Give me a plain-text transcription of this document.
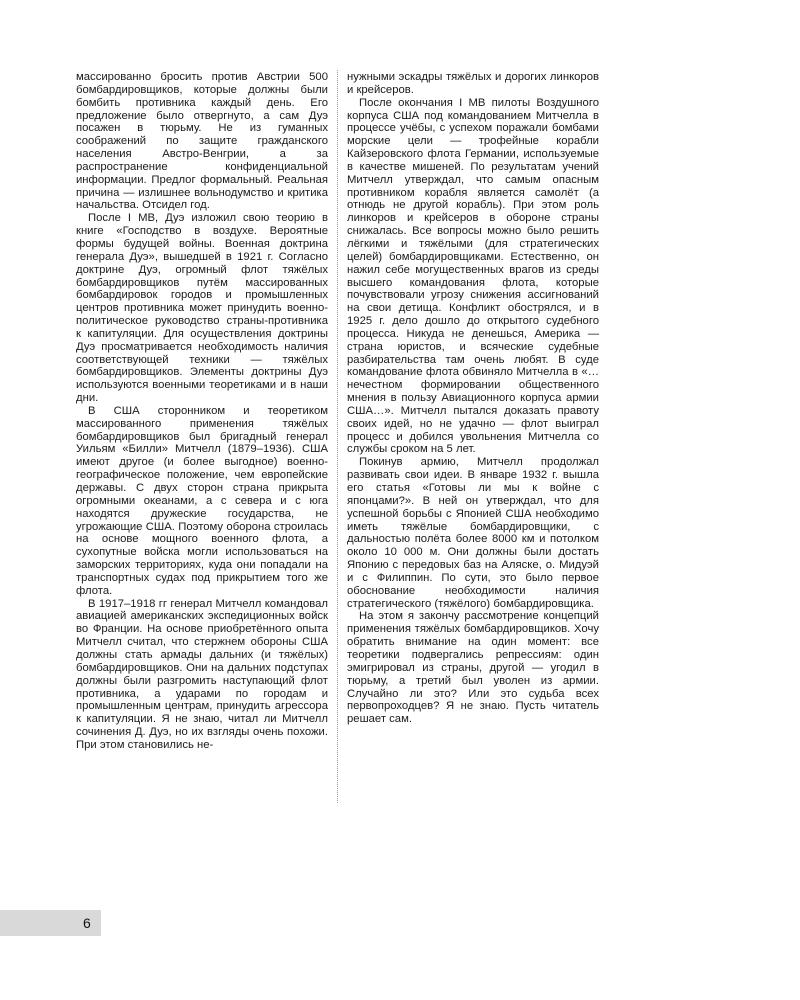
массированно бросить против Австрии 500 бомбардировщиков, которые должны были бомбить противника каждый день. Его предложение было отвергнуто, а сам Дуэ посажен в тюрьму. Не из гуманных соображений по защите гражданского населения Австро-Венгрии, а за распространение конфиденциальной информации. Предлог формальный. Реальная причина — излишнее вольнодумство и критика начальства. Отсидел год.

После I МВ, Дуэ изложил свою теорию в книге «Господство в воздухе. Вероятные формы будущей войны. Военная доктрина генерала Дуэ», вышедшей в 1921 г. Согласно доктрине Дуэ, огромный флот тяжёлых бомбардировщиков путём массированных бомбардировок городов и промышленных центров противника может принудить военно-политическое руководство страны-противника к капитуляции. Для осуществления доктрины Дуэ просматривается необходимость наличия соответствующей техники — тяжёлых бомбардировщиков. Элементы доктрины Дуэ используются военными теоретиками и в наши дни.

В США сторонником и теоретиком массированного применения тяжёлых бомбардировщиков был бригадный генерал Уильям «Билли» Митчелл (1879–1936). США имеют другое (и более выгодное) военно-географическое положение, чем европейские державы. С двух сторон страна прикрыта огромными океанами, а с севера и с юга находятся дружеские государства, не угрожающие США. Поэтому оборона строилась на основе мощного военного флота, а сухопутные войска могли использоваться на заморских территориях, куда они попадали на транспортных судах под прикрытием того же флота.

В 1917–1918 гг генерал Митчелл командовал авиацией американских экспедиционных войск во Франции. На основе приобретённого опыта Митчелл считал, что стержнем обороны США должны стать армады дальних (и тяжёлых) бомбардировщиков. Они на дальних подступах должны были разгромить наступающий флот противника, а ударами по городам и промышленным центрам, принудить агрессора к капитуляции. Я не знаю, читал ли Митчелл сочинения Д. Дуэ, но их взгляды очень похожи. При этом становились не-

нужными эскадры тяжёлых и дорогих линкоров и крейсеров.

После окончания I МВ пилоты Воздушного корпуса США под командованием Митчелла в процессе учёбы, с успехом поражали бомбами морские цели — трофейные корабли Кайзеровского флота Германии, используемые в качестве мишеней. По результатам учений Митчелл утверждал, что самым опасным противником корабля является самолёт (а отнюдь не другой корабль). При этом роль линкоров и крейсеров в обороне страны снижалась. Все вопросы можно было решить лёгкими и тяжёлыми (для стратегических целей) бомбардировщиками. Естественно, он нажил себе могущественных врагов из среды высшего командования флота, которые почувствовали угрозу снижения ассигнований на свои детища. Конфликт обострялся, и в 1925 г. дело дошло до открытого судебного процесса. Никуда не денешься, Америка — страна юристов, и всяческие судебные разбирательства там очень любят. В суде командование флота обвиняло Митчелла в «…нечестном формировании общественного мнения в пользу Авиационного корпуса армии США…». Митчелл пытался доказать правоту своих идей, но не удачно — флот выиграл процесс и добился увольнения Митчелла со службы сроком на 5 лет.

Покинув армию, Митчелл продолжал развивать свои идеи. В январе 1932 г. вышла его статья «Готовы ли мы к войне с японцами?». В ней он утверждал, что для успешной борьбы с Японией США необходимо иметь тяжёлые бомбардировщики, с дальностью полёта более 8000 км и потолком около 10 000 м. Они должны были достать Японию с передовых баз на Аляске, о. Мидуэй и с Филиппин. По сути, это было первое обоснование необходимости наличия стратегического (тяжёлого) бомбардировщика.

На этом я закончу рассмотрение концепций применения тяжёлых бомбардировщиков. Хочу обратить внимание на один момент: все теоретики подвергались репрессиям: один эмигрировал из страны, другой — угодил в тюрьму, а третий был уволен из армии. Случайно ли это? Или это судьба всех первопроходцев? Я не знаю. Пусть читатель решает сам.

6
